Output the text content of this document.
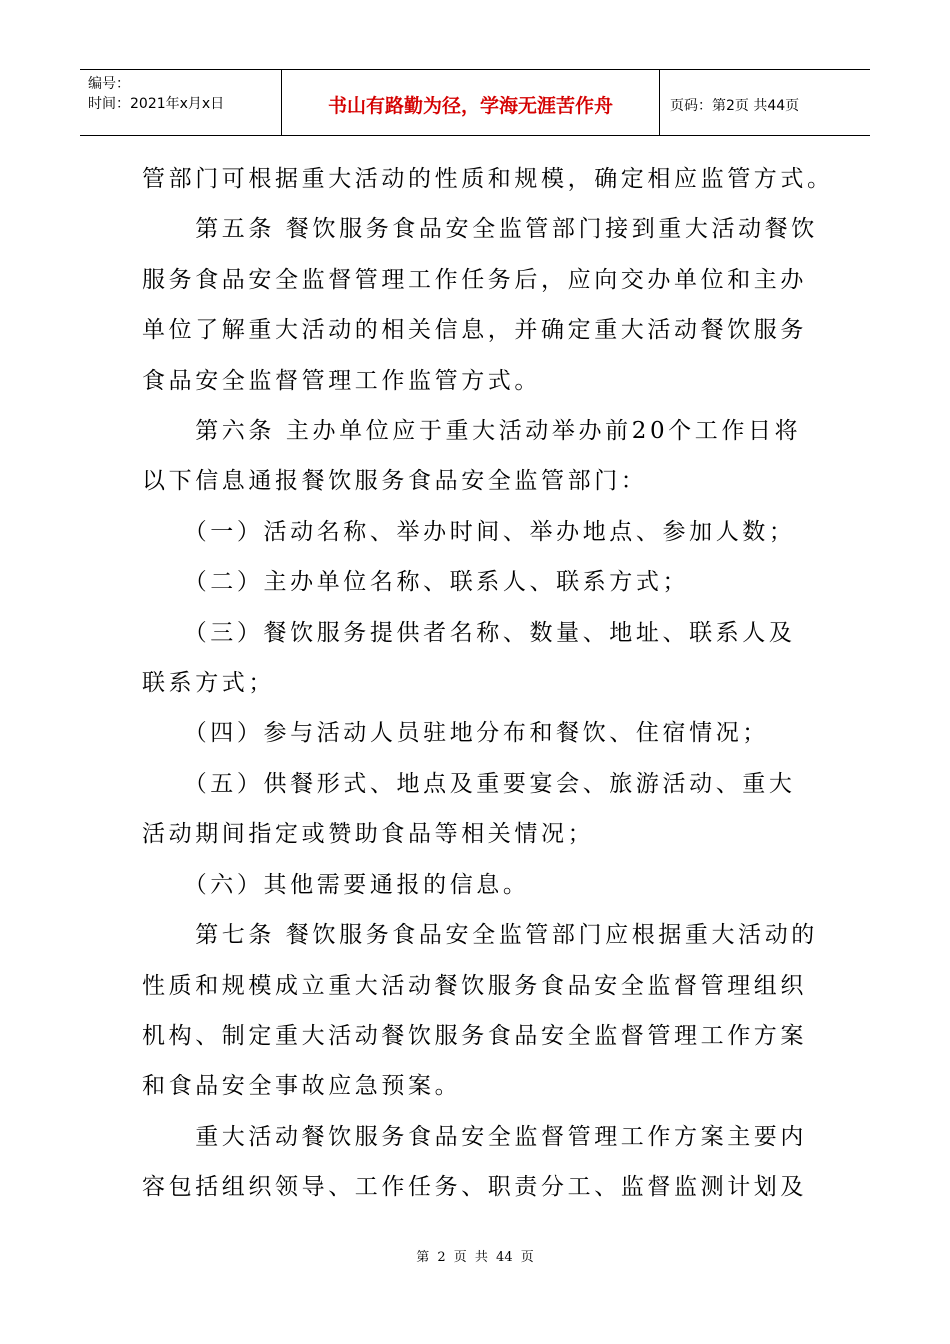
编号：
时间：2021年x月x日	书山有路勤为径，学海无涯苦作舟	页码：第2页 共44页

管部门可根据重大活动的性质和规模，确定相应监管方式。

　　第五条 餐饮服务食品安全监管部门接到重大活动餐饮

服务食品安全监督管理工作任务后，应向交办单位和主办

单位了解重大活动的相关信息，并确定重大活动餐饮服务

食品安全监督管理工作监管方式。

　　第六条 主办单位应于重大活动举办前20个工作日将

以下信息通报餐饮服务食品安全监管部门：

　　（一）活动名称、举办时间、举办地点、参加人数；

　　（二）主办单位名称、联系人、联系方式；

　　（三）餐饮服务提供者名称、数量、地址、联系人及

联系方式；

　　（四）参与活动人员驻地分布和餐饮、住宿情况；

　　（五）供餐形式、地点及重要宴会、旅游活动、重大

活动期间指定或赞助食品等相关情况；

　　（六）其他需要通报的信息。

　　第七条 餐饮服务食品安全监管部门应根据重大活动的

性质和规模成立重大活动餐饮服务食品安全监督管理组织

机构、制定重大活动餐饮服务食品安全监督管理工作方案

和食品安全事故应急预案。

　　重大活动餐饮服务食品安全监督管理工作方案主要内

容包括组织领导、工作任务、职责分工、监督监测计划及

第 2 页 共 44 页
